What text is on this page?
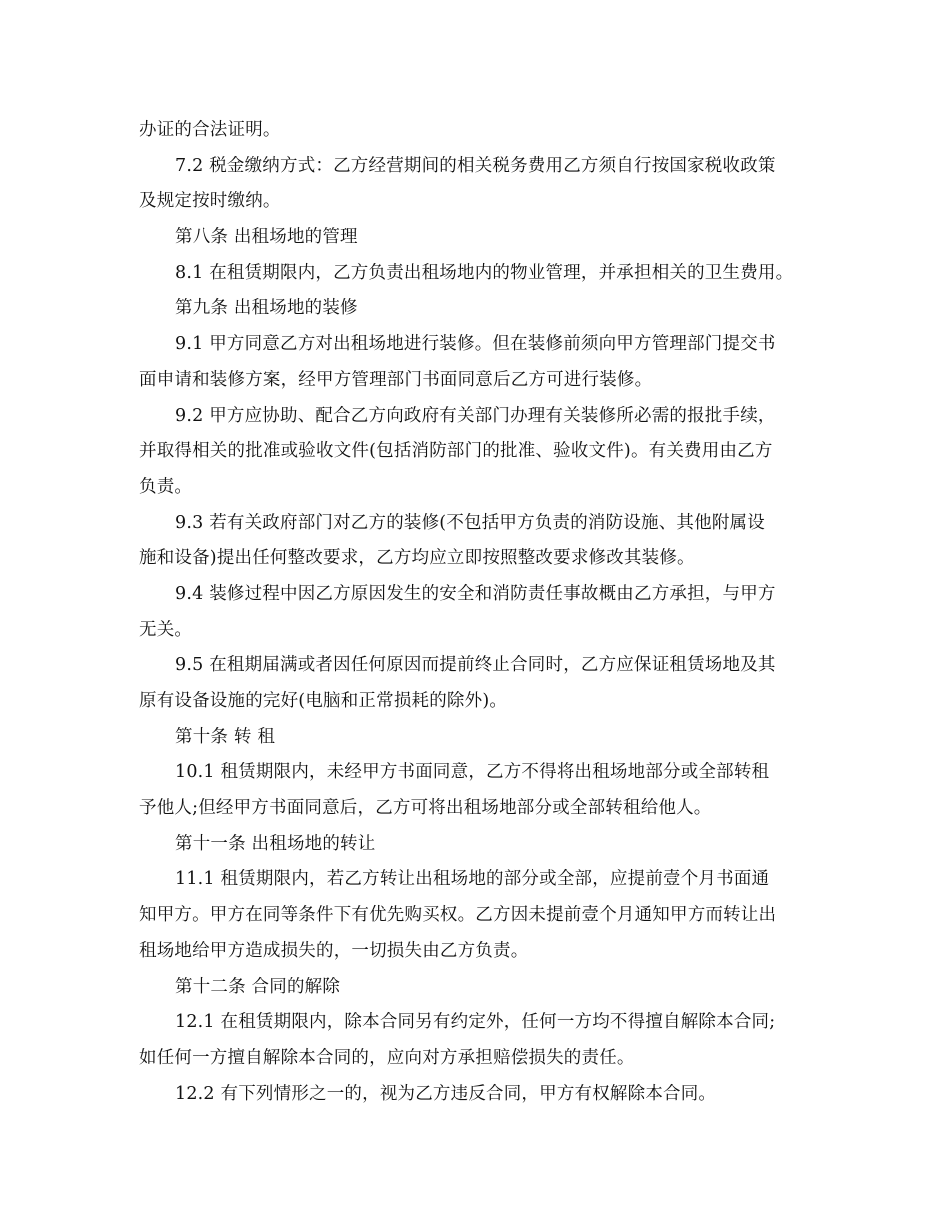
办证的合法证明。
7.2 税金缴纳方式：乙方经营期间的相关税务费用乙方须自行按国家税收政策
及规定按时缴纳。
第八条 出租场地的管理
8.1 在租赁期限内，乙方负责出租场地内的物业管理，并承担相关的卫生费用。
第九条 出租场地的装修
9.1 甲方同意乙方对出租场地进行装修。但在装修前须向甲方管理部门提交书
面申请和装修方案，经甲方管理部门书面同意后乙方可进行装修。
9.2 甲方应协助、配合乙方向政府有关部门办理有关装修所必需的报批手续，
并取得相关的批准或验收文件(包括消防部门的批准、验收文件)。有关费用由乙方
负责。
9.3 若有关政府部门对乙方的装修(不包括甲方负责的消防设施、其他附属设
施和设备)提出任何整改要求，乙方均应立即按照整改要求修改其装修。
9.4 装修过程中因乙方原因发生的安全和消防责任事故概由乙方承担，与甲方
无关。
9.5 在租期届满或者因任何原因而提前终止合同时，乙方应保证租赁场地及其
原有设备设施的完好(电脑和正常损耗的除外)。
第十条 转 租
10.1 租赁期限内，未经甲方书面同意，乙方不得将出租场地部分或全部转租
予他人;但经甲方书面同意后，乙方可将出租场地部分或全部转租给他人。
第十一条 出租场地的转让
11.1 租赁期限内，若乙方转让出租场地的部分或全部，应提前壹个月书面通
知甲方。甲方在同等条件下有优先购买权。乙方因未提前壹个月通知甲方而转让出
租场地给甲方造成损失的，一切损失由乙方负责。
第十二条 合同的解除
12.1 在租赁期限内，除本合同另有约定外，任何一方均不得擅自解除本合同;
如任何一方擅自解除本合同的，应向对方承担赔偿损失的责任。
12.2 有下列情形之一的，视为乙方违反合同，甲方有权解除本合同。
